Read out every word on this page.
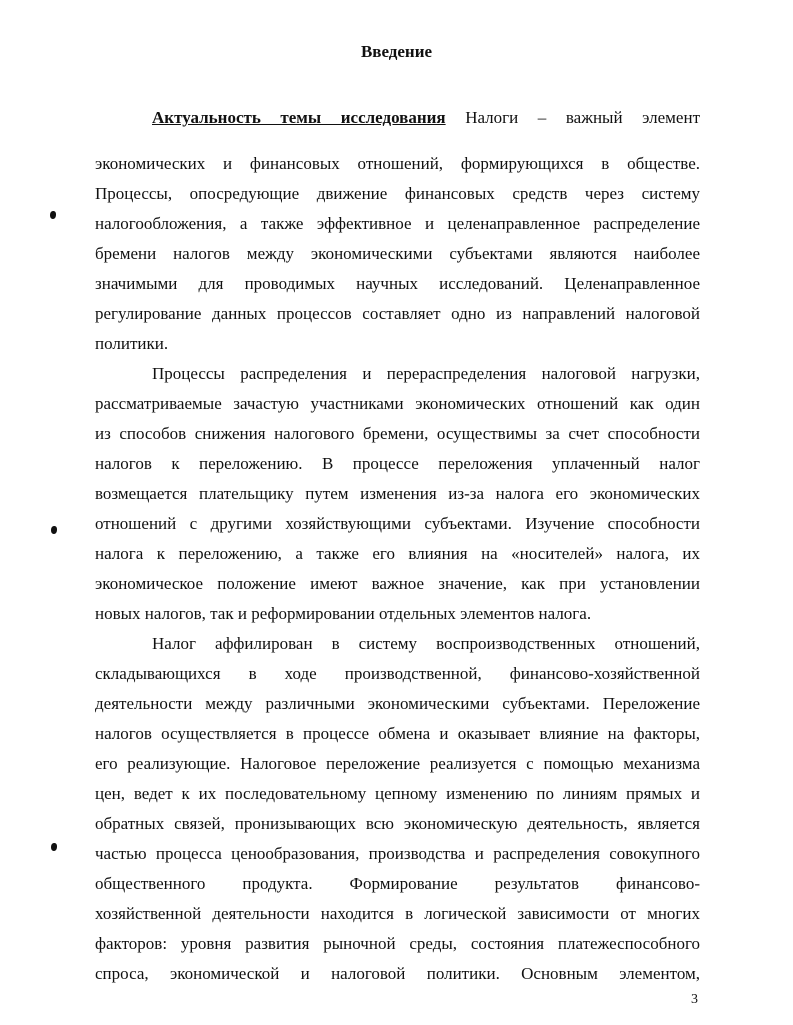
Введение
Актуальность темы исследования Налоги – важный элемент
экономических и финансовых отношений, формирующихся в обществе.
Процессы, опосредующие движение финансовых средств через систему
налогообложения, а также эффективное и целенаправленное распределение
бремени налогов между экономическими субъектами являются наиболее
значимыми для проводимых научных исследований. Целенаправленное
регулирование данных процессов составляет одно из направлений налоговой
политики.
Процессы распределения и перераспределения налоговой нагрузки,
рассматриваемые зачастую участниками экономических отношений как один
из способов снижения налогового бремени, осуществимы за счет способности
налогов к переложению. В процессе переложения уплаченный налог
возмещается плательщику путем изменения из-за налога его экономических
отношений с другими хозяйствующими субъектами. Изучение способности
налога к переложению, а также его влияния на «носителей» налога, их
экономическое положение имеют важное значение, как при установлении
новых налогов, так и реформировании отдельных элементов налога.
Налог аффилирован в систему воспроизводственных отношений,
складывающихся в ходе производственной, финансово-хозяйственной
деятельности между различными экономическими субъектами. Переложение
налогов осуществляется в процессе обмена и оказывает влияние на факторы,
его реализующие. Налоговое переложение реализуется с помощью механизма
цен, ведет к их последовательному цепному изменению по линиям прямых и
обратных связей, пронизывающих всю экономическую деятельность, является
частью процесса ценообразования, производства и распределения совокупного
общественного продукта. Формирование результатов финансово-
хозяйственной деятельности находится в логической зависимости от многих
факторов: уровня развития рыночной среды, состояния платежеспособного
спроса, экономической и налоговой политики. Основным элементом,
3
